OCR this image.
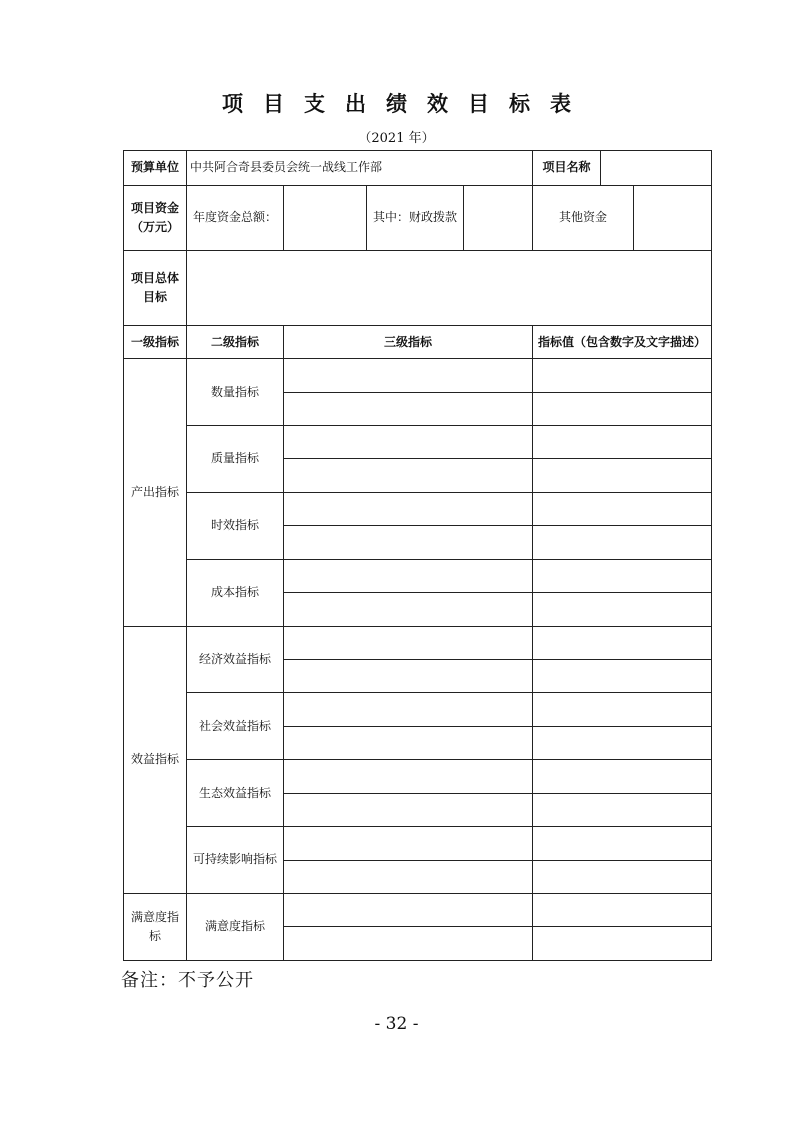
项目支出绩效目标表
（2021 年）
预算单位	中共阿合奇县委员会统一战线工作部				项目名称		
项目资金（万元）	年度资金总额：		其中：财政拨款		其他资金		
项目总体目标							
一级指标	二级指标	三级指标			指标值（包含数字及文字描述）		
产出指标	数量指标						

	质量指标						

	时效指标						

	成本指标						

效益指标	经济效益指标						

	社会效益指标						

	生态效益指标						

	可持续影响指标						

满意度指标	满意度指标						

备注：不予公开
- 32 -
